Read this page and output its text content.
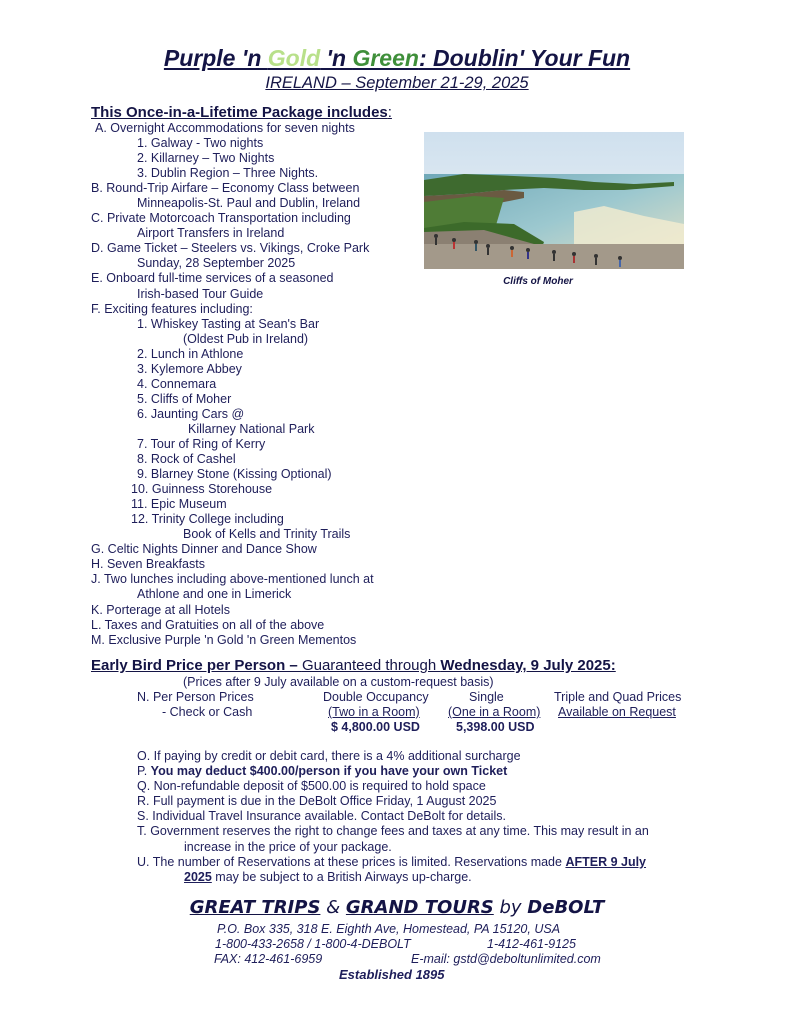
Purple 'n Gold 'n Green: Doublin' Your Fun
IRELAND – September 21-29, 2025
This Once-in-a-Lifetime Package includes:
A. Overnight Accommodations for seven nights
1. Galway - Two nights
2. Killarney – Two Nights
3. Dublin Region – Three Nights.
B. Round-Trip Airfare – Economy Class between
Minneapolis-St. Paul and Dublin, Ireland
C. Private Motorcoach Transportation including
Airport Transfers in Ireland
D. Game Ticket – Steelers vs. Vikings, Croke Park
Sunday, 28 September 2025
E. Onboard full-time services of a seasoned
Irish-based Tour Guide
F. Exciting features including:
1. Whiskey Tasting at Sean's Bar
(Oldest Pub in Ireland)
2. Lunch in Athlone
3. Kylemore Abbey
4. Connemara
5. Cliffs of Moher
6. Jaunting Cars @
Killarney National Park
7. Tour of Ring of Kerry
8. Rock of Cashel
9. Blarney Stone (Kissing Optional)
10. Guinness Storehouse
11. Epic Museum
12. Trinity College including
Book of Kells and Trinity Trails
G. Celtic Nights Dinner and Dance Show
H. Seven Breakfasts
J. Two lunches including above-mentioned lunch at
Athlone and one in Limerick
K. Porterage at all Hotels
L. Taxes and Gratuities on all of the above
M. Exclusive Purple 'n Gold 'n Green Mementos
Cliffs of Moher
Early Bird Price per Person – Guaranteed through Wednesday, 9 July 2025:
(Prices after 9 July available on a custom-request basis)
N. Per Person Prices
- Check or Cash
Double Occupancy
(Two in a Room)
$ 4,800.00 USD
Single
(One in a Room)
5,398.00 USD
Triple and Quad Prices
Available on Request
O. If paying by credit or debit card, there is a 4% additional surcharge
P. You may deduct $400.00/person if you have your own Ticket
Q. Non-refundable deposit of $500.00 is required to hold space
R. Full payment is due in the DeBolt Office Friday, 1 August 2025
S. Individual Travel Insurance available. Contact DeBolt for details.
T. Government reserves the right to change fees and taxes at any time. This may result in an
increase in the price of your package.
U. The number of Reservations at these prices is limited. Reservations made AFTER 9 July
2025 may be subject to a British Airways up-charge.
GREAT TRIPS & GRAND TOURS by DeBOLT
P.O. Box 335, 318 E. Eighth Ave, Homestead, PA 15120, USA
1-800-433-2658 / 1-800-4-DEBOLT	1-412-461-9125
FAX: 412-461-6959	E-mail: gstd@deboltunlimited.com
Established 1895
